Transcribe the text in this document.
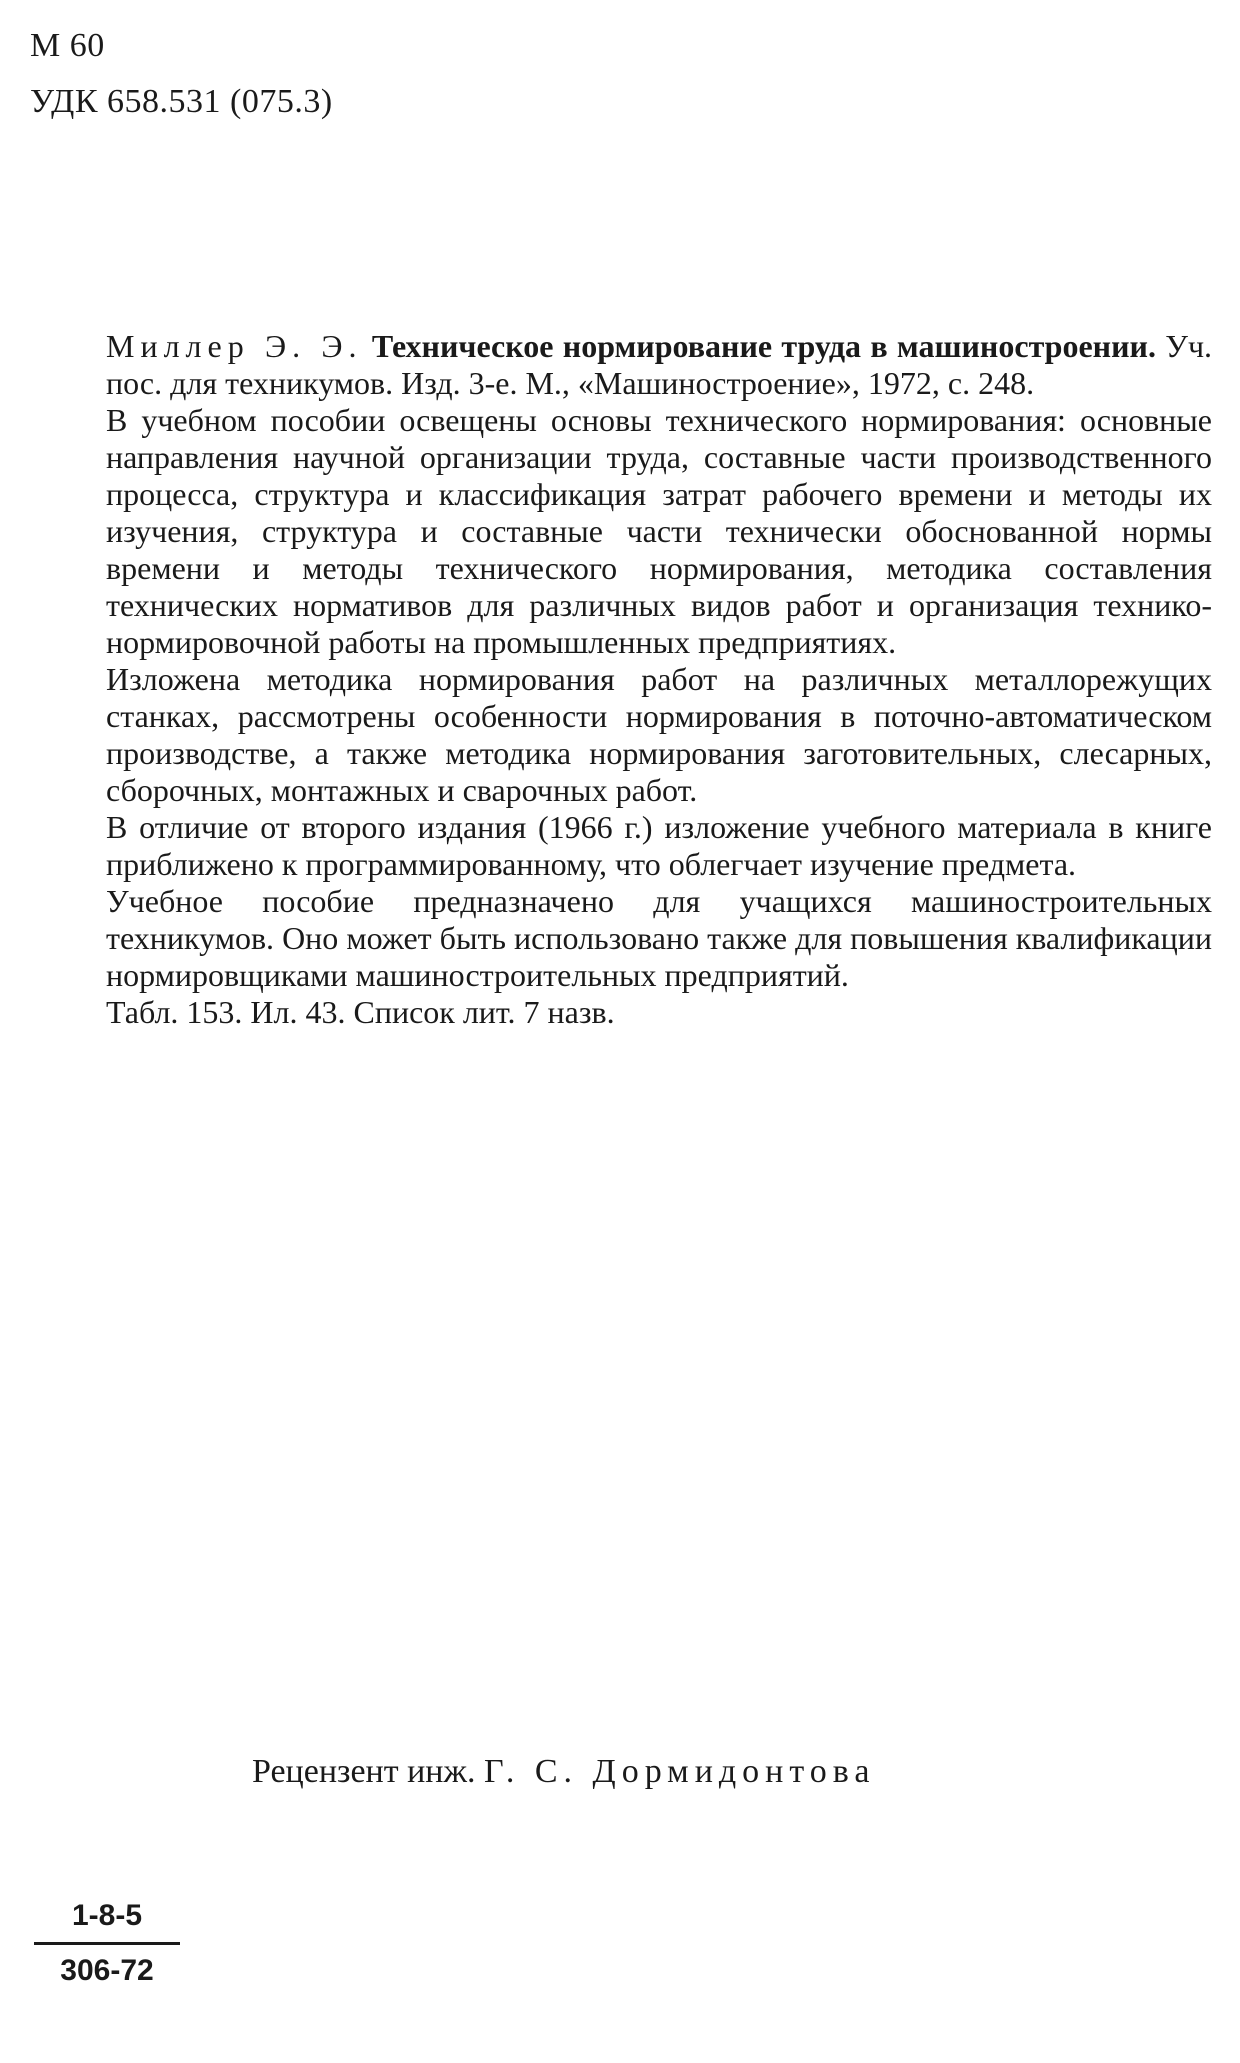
М 60
УДК 658.531 (075.3)

Миллер Э. Э. Техническое нормирование труда в машиностроении. Уч. пос. для техникумов. Изд. 3-е. М., «Машиностроение», 1972, с. 248.

В учебном пособии освещены основы технического нормирования: основные направления научной организации труда, составные части производственного процесса, структура и классификация затрат рабочего времени и методы их изучения, структура и составные части технически обоснованной нормы времени и методы технического нормирования, методика составления технических нормативов для различных видов работ и организация технико-нормировочной работы на промышленных предприятиях.

Изложена методика нормирования работ на различных металлорежущих станках, рассмотрены особенности нормирования в поточно-автоматическом производстве, а также методика нормирования заготовительных, слесарных, сборочных, монтажных и сварочных работ.

В отличие от второго издания (1966 г.) изложение учебного материала в книге приближено к программированному, что облегчает изучение предмета.

Учебное пособие предназначено для учащихся машиностроительных техникумов. Оно может быть использовано также для повышения квалификации нормировщиками машиностроительных предприятий.

Табл. 153. Ил. 43. Список лит. 7 назв.

Рецензент инж. Г. С. Дормидонтова
$\frac{1-8-5}{306-72}$
